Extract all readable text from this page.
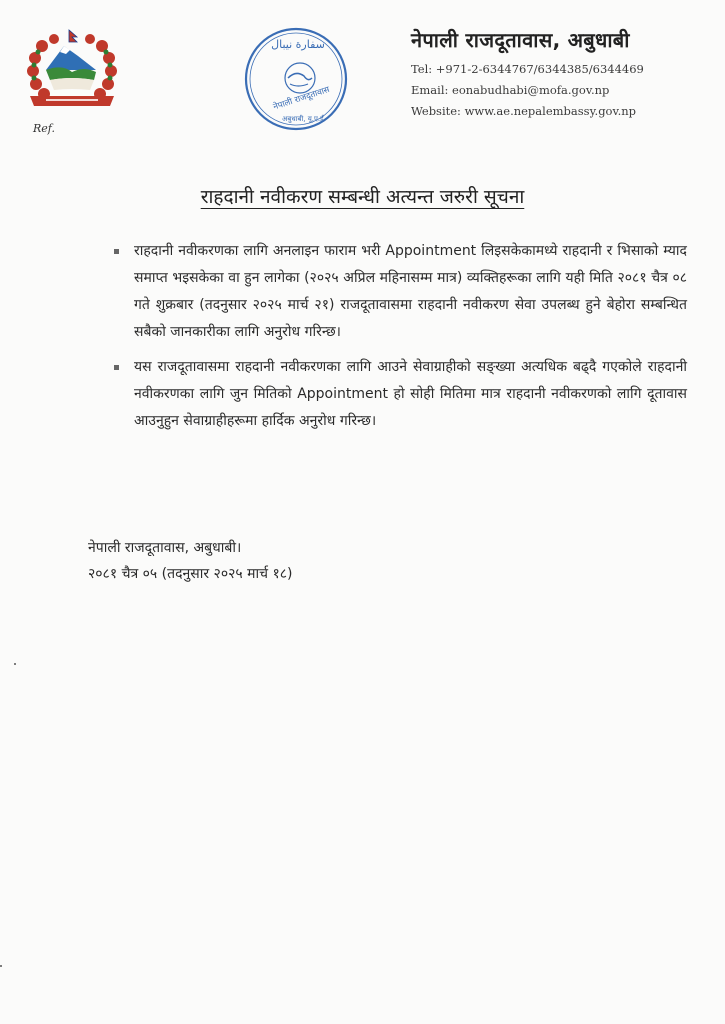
سفارة نيبال
नेपाली राजदूतावास
अबुधाबी, यू.ए.ई.
Ref.
नेपाली राजदूतावास, अबुधाबी
Tel: +971-2-6344767/6344385/6344469
Email: eonabudhabi@mofa.gov.np
Website: www.ae.nepalembassy.gov.np
राहदानी नवीकरण सम्बन्धी अत्यन्त जरुरी सूचना
राहदानी नवीकरणका लागि अनलाइन फाराम भरी Appointment लिइसकेकामध्ये राहदानी र भिसाको म्याद समाप्त भइसकेका वा हुन लागेका (२०२५ अप्रिल महिनासम्म मात्र) व्यक्तिहरूका लागि यही मिति २०८१ चैत्र ०८ गते शुक्रबार (तदनुसार २०२५ मार्च २१) राजदूतावासमा राहदानी नवीकरण सेवा उपलब्ध हुने बेहोरा सम्बन्धित सबैको जानकारीका लागि अनुरोध गरिन्छ।
यस राजदूतावासमा राहदानी नवीकरणका लागि आउने सेवाग्राहीको सङ्ख्या अत्यधिक बढ्दै गएकोले राहदानी नवीकरणका लागि जुन मितिको Appointment हो सोही मितिमा मात्र राहदानी नवीकरणको लागि दूतावास आउनुहुन सेवाग्राहीहरूमा हार्दिक अनुरोध गरिन्छ।
नेपाली राजदूतावास, अबुधाबी।
२०८१ चैत्र ०५ (तदनुसार २०२५ मार्च १८)
